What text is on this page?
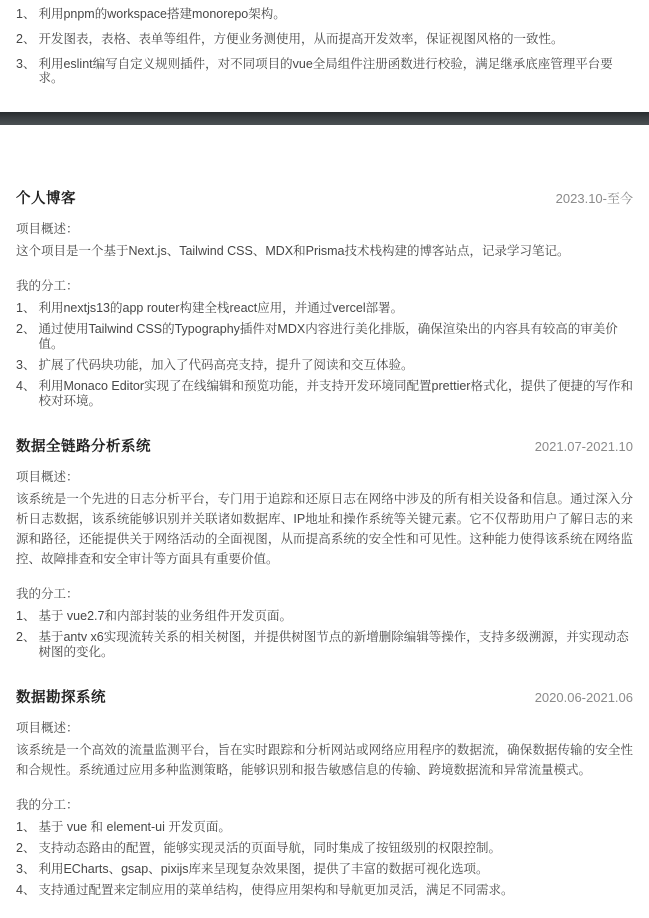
1、 利用pnpm的workspace搭建monorepo架构。
2、 开发图表，表格、表单等组件，方便业务测使用，从而提高开发效率，保证视图风格的一致性。
3、 利用eslint编写自定义规则插件，对不同项目的vue全局组件注册函数进行校验，满足继承底座管理平台要求。
个人博客	2023.10-至今
项目概述：

这个项目是一个基于Next.js、Tailwind CSS、MDX和Prisma技术栈构建的博客站点，记录学习笔记。

我的分工：
1、 利用nextjs13的app router构建全栈react应用，并通过vercel部署。
2、 通过使用Tailwind CSS的Typography插件对MDX内容进行美化排版，确保渲染出的内容具有较高的审美价值。
3、 扩展了代码块功能，加入了代码高亮支持，提升了阅读和交互体验。
4、 利用Monaco Editor实现了在线编辑和预览功能，并支持开发环境同配置prettier格式化，提供了便捷的写作和校对环境。
数据全链路分析系统	2021.07-2021.10
项目概述：

该系统是一个先进的日志分析平台，专门用于追踪和还原日志在网络中涉及的所有相关设备和信息。通过深入分析日志数据，该系统能够识别并关联诸如数据库、IP地址和操作系统等关键元素。它不仅帮助用户了解日志的来源和路径，还能提供关于网络活动的全面视图，从而提高系统的安全性和可见性。这种能力使得该系统在网络监控、故障排查和安全审计等方面具有重要价值。

我的分工：
1、 基于 vue2.7和内部封装的业务组件开发页面。
2、 基于antv x6实现流转关系的相关树图，并提供树图节点的新增删除编辑等操作，支持多级溯源，并实现动态树图的变化。
数据勘探系统	2020.06-2021.06
项目概述：

该系统是一个高效的流量监测平台，旨在实时跟踪和分析网站或网络应用程序的数据流，确保数据传输的安全性和合规性。系统通过应用多种监测策略，能够识别和报告敏感信息的传输、跨境数据流和异常流量模式。

我的分工：
1、 基于 vue 和 element-ui 开发页面。
2、 支持动态路由的配置，能够实现灵活的页面导航，同时集成了按钮级别的权限控制。
3、 利用ECharts、gsap、pixijs库来呈现复杂效果图，提供了丰富的数据可视化选项。
4、 支持通过配置来定制应用的菜单结构，使得应用架构和导航更加灵活，满足不同需求。
